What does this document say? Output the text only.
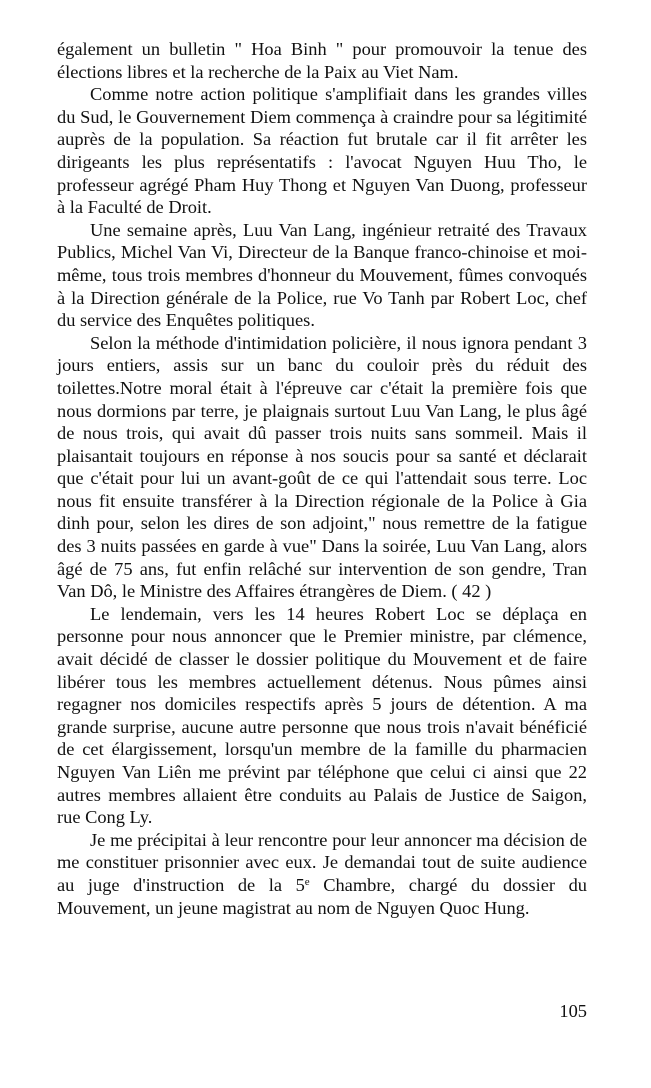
également un bulletin " Hoa Binh " pour promouvoir la tenue des élections libres et la recherche de la Paix au Viet Nam.

Comme notre action politique s'amplifiait dans les grandes villes du Sud, le Gouvernement Diem commença à craindre pour sa légitimité auprès de la population. Sa réaction fut brutale car il fit arrêter les dirigeants les plus représentatifs : l'avocat Nguyen Huu Tho, le professeur agrégé Pham Huy Thong et Nguyen Van Duong, professeur à la Faculté de Droit.

Une semaine après, Luu Van Lang, ingénieur retraité des Travaux Publics, Michel Van Vi, Directeur de la Banque franco-chinoise et moi-même, tous trois membres d'honneur du Mouvement, fûmes convoqués à la Direction générale de la Police, rue Vo Tanh par Robert Loc, chef du service des Enquêtes politiques.

Selon la méthode d'intimidation policière, il nous ignora pendant 3 jours entiers, assis sur un banc du couloir près du réduit des toilettes.Notre moral était à l'épreuve car c'était la première fois que nous dormions par terre, je plaignais surtout Luu Van Lang, le plus âgé de nous trois, qui avait dû passer trois nuits sans sommeil. Mais il plaisantait toujours en réponse à nos soucis pour sa santé et déclarait que c'était pour lui un avant-goût de ce qui l'attendait sous terre. Loc nous fit ensuite transférer à la Direction régionale de la Police à Gia dinh pour, selon les dires de son adjoint," nous remettre de la fatigue des 3 nuits passées en garde à vue" Dans la soirée, Luu Van Lang, alors âgé de 75 ans, fut enfin relâché sur intervention de son gendre, Tran Van Dô, le Ministre des Affaires étrangères de Diem. ( 42 )

Le lendemain, vers les 14 heures Robert Loc se déplaça en personne pour nous annoncer que le Premier ministre, par clémence, avait décidé de classer le dossier politique du Mouvement et de faire libérer tous les membres actuellement détenus. Nous pûmes ainsi regagner nos domiciles respectifs après 5 jours de détention. A ma grande surprise, aucune autre personne que nous trois n'avait bénéficié de cet élargissement, lorsqu'un membre de la famille du pharmacien Nguyen Van Liên me prévint par téléphone que celui ci ainsi que 22 autres membres allaient être conduits au Palais de Justice de Saigon, rue Cong Ly.

Je me précipitai à leur rencontre pour leur annoncer ma décision de me constituer prisonnier avec eux. Je demandai tout de suite audience au juge d'instruction de la 5e Chambre, chargé du dossier du Mouvement, un jeune magistrat au nom de Nguyen Quoc Hung.

105
